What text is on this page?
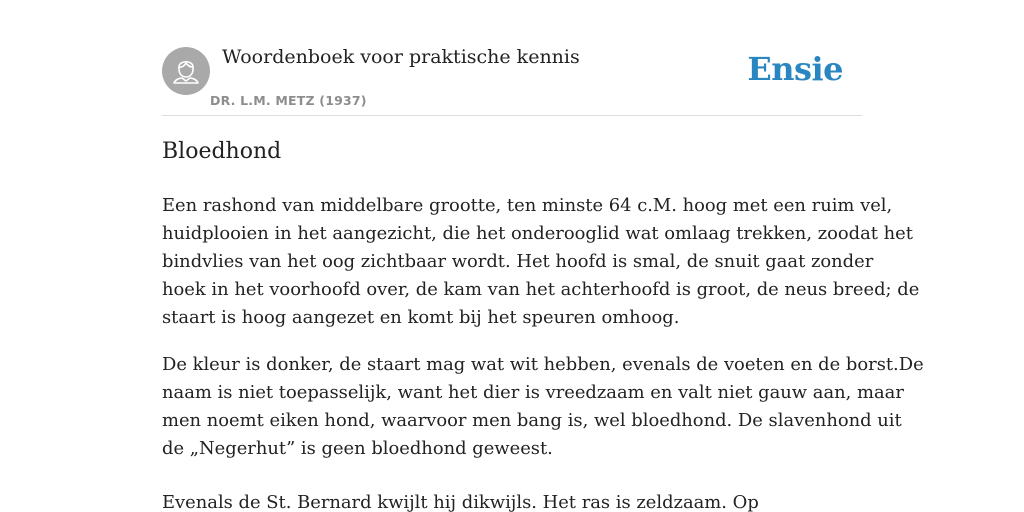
Woordenboek voor praktische kennis
DR. L.M. METZ (1937)
Ensie
Bloedhond

Een rashond van middelbare grootte, ten minste 64 c.M. hoog met een ruim vel,
huidplooien in het aangezicht, die het onderooglid wat omlaag trekken, zoodat het
bindvlies van het oog zichtbaar wordt. Het hoofd is smal, de snuit gaat zonder
hoek in het voorhoofd over, de kam van het achterhoofd is groot, de neus breed; de
staart is hoog aangezet en komt bij het speuren omhoog.

De kleur is donker, de staart mag wat wit hebben, evenals de voeten en de borst.De
naam is niet toepasselijk, want het dier is vreedzaam en valt niet gauw aan, maar
men noemt eiken hond, waarvoor men bang is, wel bloedhond. De slavenhond uit
de „Negerhut” is geen bloedhond geweest.

Evenals de St. Bernard kwijlt hij dikwijls. Het ras is zeldzaam. Op
